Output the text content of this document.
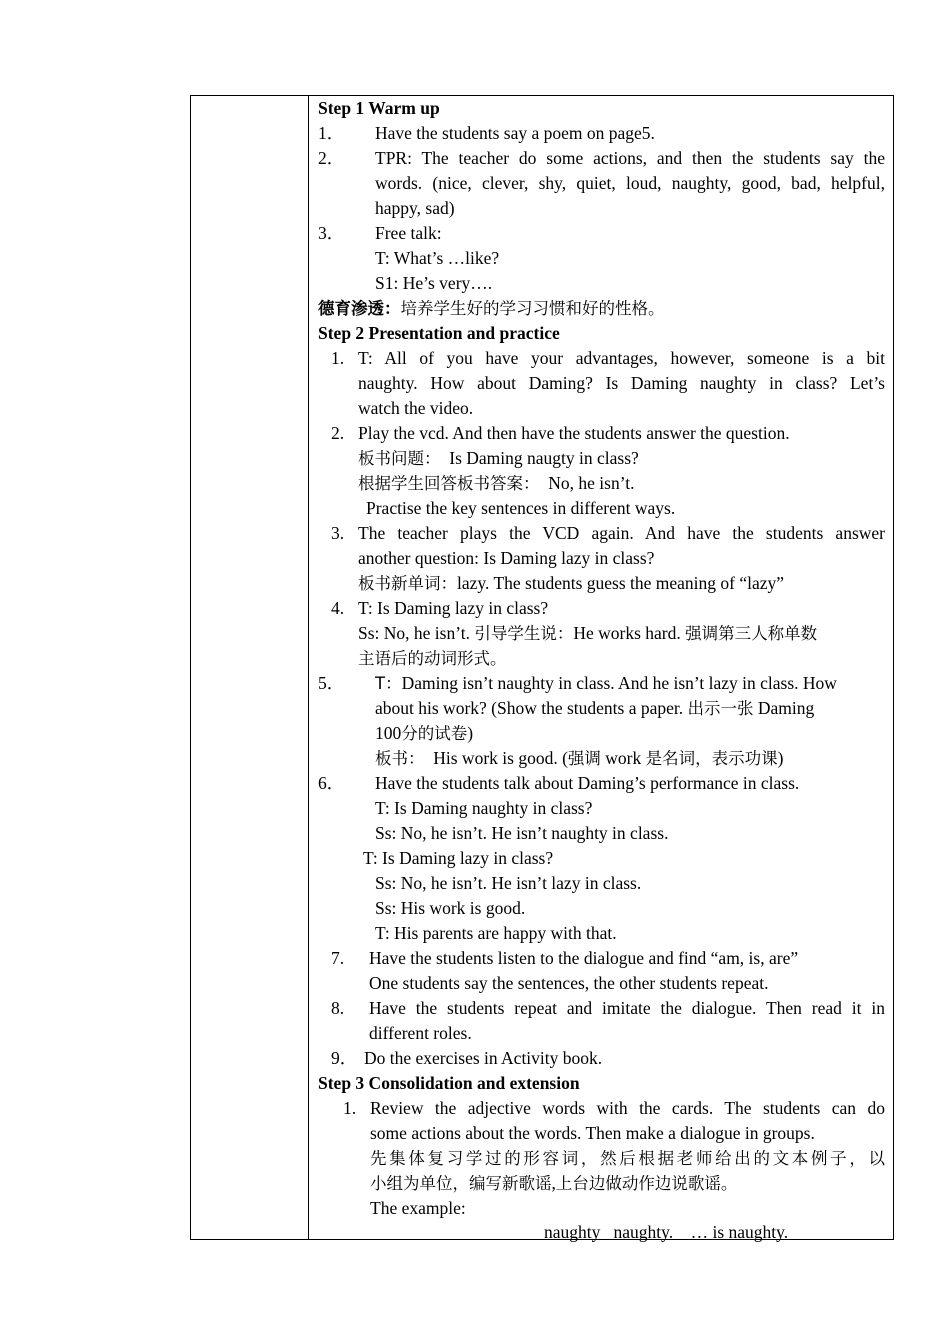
Step 1 Warm up
1． Have the students say a poem on page5.
2． TPR: The teacher do some actions, and then the students say the
words. (nice, clever, shy, quiet, loud, naughty, good, bad, helpful,
happy, sad)
3． Free talk:
T: What’s …like?
S1: He’s very….
德育渗透：培养学生好的学习习惯和好的性格。
Step 2 Presentation and practice
1. T: All of you have your advantages, however, someone is a bit
naughty. How about Daming? Is Daming naughty in class? Let’s
watch the video.
2. Play the vcd. And then have the students answer the question.
板书问题： Is Daming naugty in class?
根据学生回答板书答案： No, he isn’t.
Practise the key sentences in different ways.
3. The teacher plays the VCD again. And have the students answer
another question: Is Daming lazy in class?
板书新单词：lazy. The students guess the meaning of “lazy”
4. T: Is Daming lazy in class?
Ss: No, he isn’t. 引导学生说：He works hard. 强调第三人称单数
主语后的动词形式。
5． T：Daming isn’t naughty in class. And he isn’t lazy in class. How
about his work? (Show the students a paper. 出示一张 Daming
100分的试卷)
板书： His work is good. (强调 work 是名词，表示功课)
6． Have the students talk about Daming’s performance in class.
T: Is Daming naughty in class?
Ss: No, he isn’t. He isn’t naughty in class.
T: Is Daming lazy in class?
Ss: No, he isn’t. He isn’t lazy in class.
Ss: His work is good.
T: His parents are happy with that.
7. Have the students listen to the dialogue and find “am, is, are”
One students say the sentences, the other students repeat.
8. Have the students repeat and imitate the dialogue. Then read it in
different roles.
9． Do the exercises in Activity book.
Step 3 Consolidation and extension
1. Review the adjective words with the cards. The students can do
some actions about the words. Then make a dialogue in groups.
先集体复习学过的形容词，然后根据老师给出的文本例子，以
小组为单位，编写新歌谣,上台边做动作边说歌谣。
The example:
naughty   naughty.    … is naughty.
